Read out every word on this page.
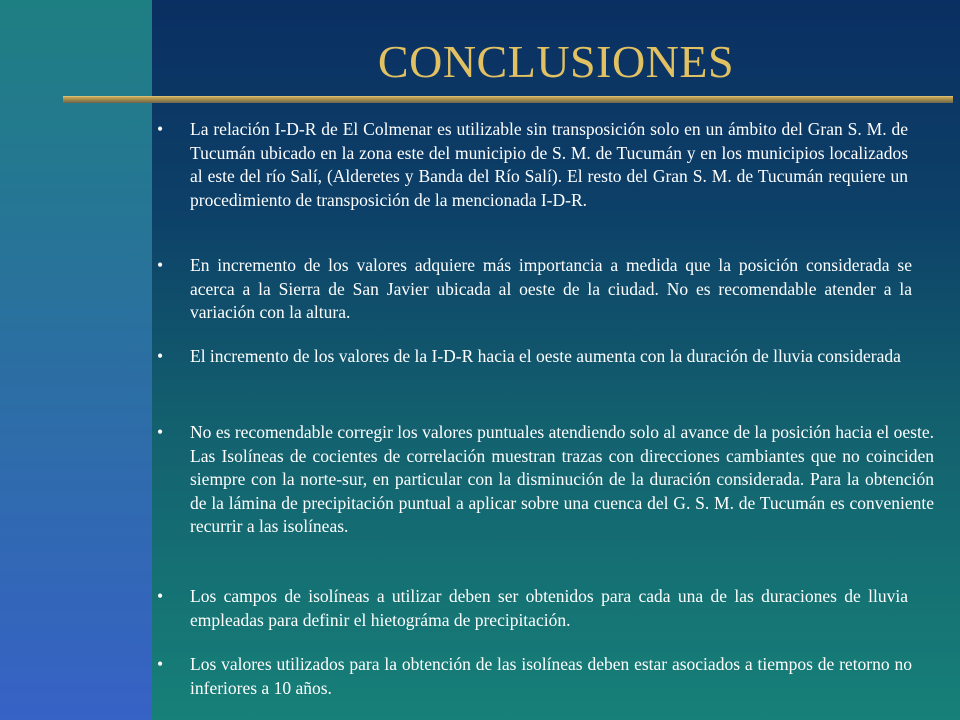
CONCLUSIONES
• La relación I-D-R de El Colmenar es utilizable sin transposición solo en un ámbito del Gran S. M. de Tucumán ubicado en la zona este del municipio de S. M. de Tucumán y en los municipios localizados al este del río Salí, (Alderetes y Banda del Río Salí). El resto del Gran S. M. de Tucumán requiere un procedimiento de transposición de la mencionada I-D-R.
• En incremento de los valores adquiere más importancia a medida que la posición considerada se acerca a la Sierra de San Javier ubicada al oeste de la ciudad. No es recomendable atender a la variación con la altura.
• El incremento de los valores de la I-D-R hacia el oeste aumenta con la duración de lluvia considerada
• No es recomendable corregir los valores puntuales atendiendo solo al avance de la posición hacia el oeste. Las Isolíneas de cocientes de correlación muestran trazas con direcciones cambiantes que no coinciden siempre con la norte-sur, en particular con la disminución de la duración considerada. Para la obtención de la lámina de precipitación puntual a aplicar sobre una cuenca del G. S. M. de Tucumán es conveniente recurrir a las isolíneas.
• Los campos de isolíneas a utilizar deben ser obtenidos para cada una de las duraciones de lluvia empleadas para definir el hietográma de precipitación.
• Los valores utilizados para la obtención de las isolíneas deben estar asociados a tiempos de retorno no inferiores a 10 años.
